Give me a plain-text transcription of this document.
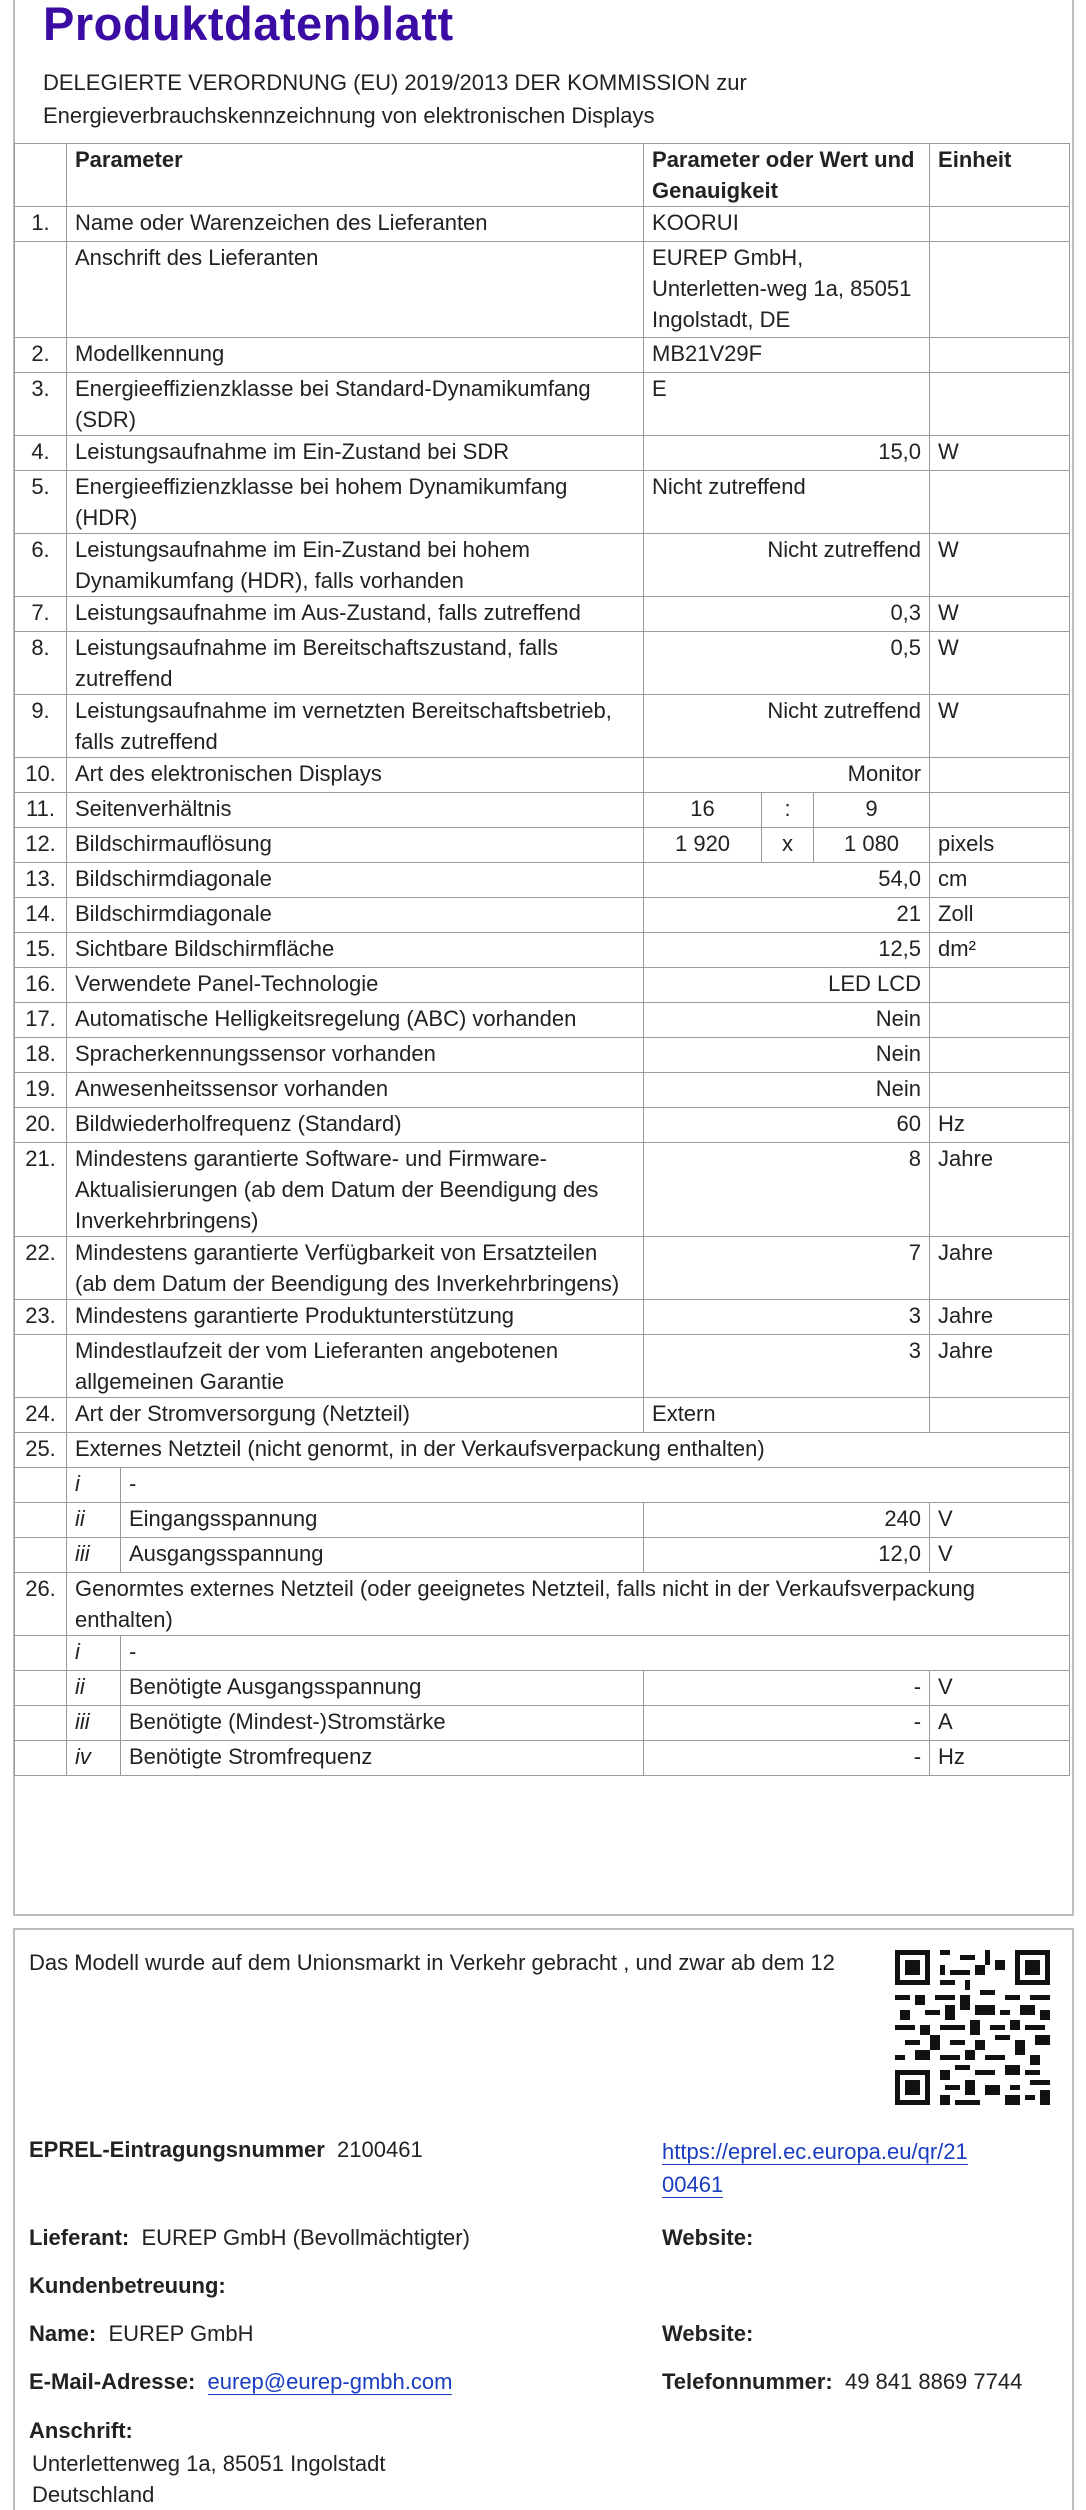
Produktdatenblatt
DELEGIERTE VERORDNUNG (EU) 2019/2013 DER KOMMISSION zur
Energieverbrauchskennzeichnung von elektronischen Displays
	Parameter		Parameter oder Wert und Genauigkeit			Einheit
1.	Name oder Warenzeichen des Lieferanten		KOORUI			
	Anschrift des Lieferanten		EUREP GmbH, Unterletten-weg 1a, 85051 Ingolstadt, DE			
2.	Modellkennung		MB21V29F			
3.	Energieeffizienzklasse bei Standard-Dynamikumfang (SDR)		E			
4.	Leistungsaufnahme im Ein-Zustand bei SDR		15,0			W
5.	Energieeffizienzklasse bei hohem Dynamikumfang (HDR)		Nicht zutreffend			
6.	Leistungsaufnahme im Ein-Zustand bei hohem Dynamikumfang (HDR), falls vorhanden		Nicht zutreffend			W
7.	Leistungsaufnahme im Aus-Zustand, falls zutreffend		0,3			W
8.	Leistungsaufnahme im Bereitschaftszustand, falls zutreffend		0,5			W
9.	Leistungsaufnahme im vernetzten Bereitschaftsbetrieb, falls zutreffend		Nicht zutreffend			W
10.	Art des elektronischen Displays		Monitor			
11.	Seitenverhältnis		16	:	9	
12.	Bildschirmauflösung		1 920	x	1 080	pixels
13.	Bildschirmdiagonale		54,0			cm
14.	Bildschirmdiagonale		21			Zoll
15.	Sichtbare Bildschirmfläche		12,5			dm²
16.	Verwendete Panel-Technologie		LED LCD			
17.	Automatische Helligkeitsregelung (ABC) vorhanden		Nein			
18.	Spracherkennungssensor vorhanden		Nein			
19.	Anwesenheitssensor vorhanden		Nein			
20.	Bildwiederholfrequenz (Standard)		60			Hz
21.	Mindestens garantierte Software- und Firmware-Aktualisierungen (ab dem Datum der Beendigung des Inverkehrbringens)		8			Jahre
22.	Mindestens garantierte Verfügbarkeit von Ersatzteilen (ab dem Datum der Beendigung des Inverkehrbringens)		7			Jahre
23.	Mindestens garantierte Produktunterstützung		3			Jahre
	Mindestlaufzeit der vom Lieferanten angebotenen allgemeinen Garantie		3			Jahre
24.	Art der Stromversorgung (Netzteil)		Extern			
25.	Externes Netzteil (nicht genormt, in der Verkaufsverpackung enthalten)					
	i	-				
	ii	Eingangsspannung	240			V
	iii	Ausgangsspannung	12,0			V
26.	Genormtes externes Netzteil (oder geeignetes Netzteil, falls nicht in der Verkaufsverpackung enthalten)					
	i	-				
	ii	Benötigte Ausgangsspannung	-			V
	iii	Benötigte (Mindest-)Stromstärke	-			A
	iv	Benötigte Stromfrequenz	-			Hz
Das Modell wurde auf dem Unionsmarkt in Verkehr gebracht , und zwar ab dem 12
EPREL-Eintragungsnummer 2100461	https://eprel.ec.europa.eu/qr/21
00461
Lieferant: EUREP GmbH (Bevollmächtigter)	Website:
Kundenbetreuung:
Name: EUREP GmbH	Website:
E-Mail-Adresse: eurep@eurep-gmbh.com	Telefonnummer: 49 841 8869 7744
Anschrift:
Unterlettenweg 1a, 85051 Ingolstadt
Deutschland
